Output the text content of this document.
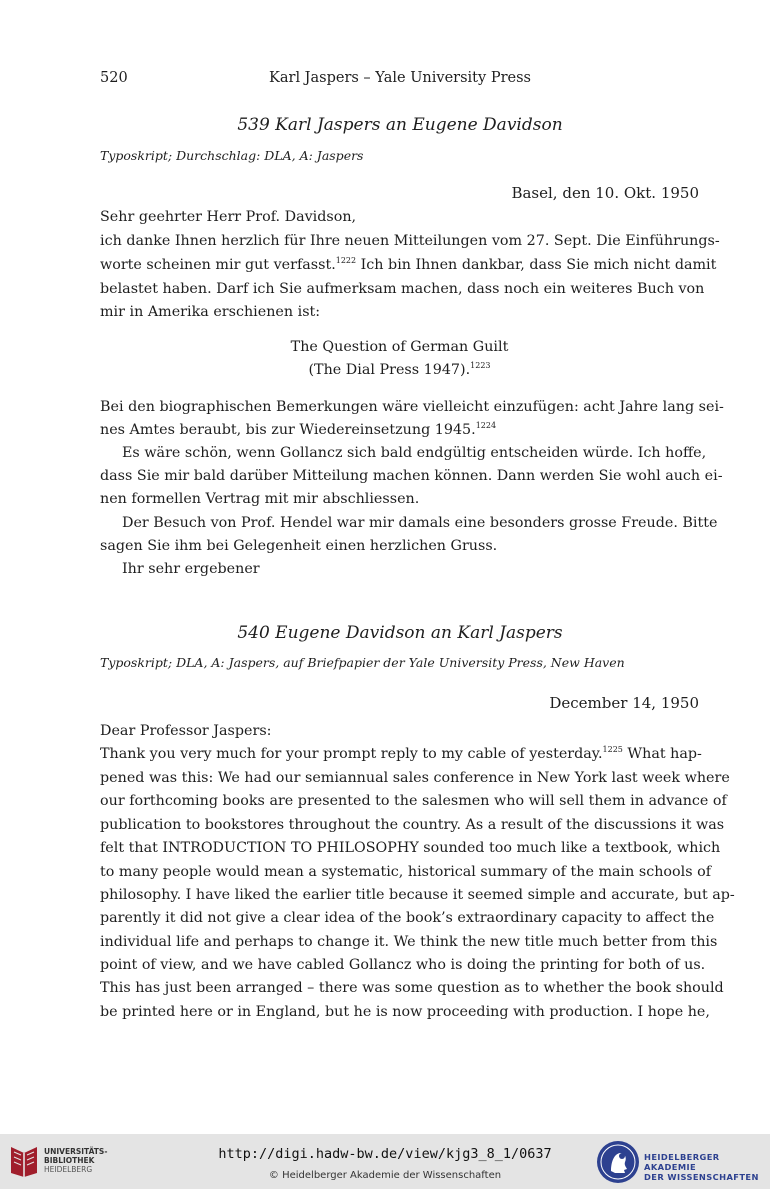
520	Karl Jaspers – Yale University Press
539 Karl Jaspers an Eugene Davidson
Typoskript; Durchschlag: DLA, A: Jaspers
Basel, den 10. Okt. 1950
Sehr geehrter Herr Prof. Davidson,
ich danke Ihnen herzlich für Ihre neuen Mitteilungen vom 27. Sept. Die Einführungs-
worte scheinen mir gut verfasst.$^{1222}$ Ich bin Ihnen dankbar, dass Sie mich nicht damit
belastet haben. Darf ich Sie aufmerksam machen, dass noch ein weiteres Buch von
mir in Amerika erschienen ist:
The Question of German Guilt
(The Dial Press 1947).$^{1223}$
Bei den biographischen Bemerkungen wäre vielleicht einzufügen: acht Jahre lang sei-
nes Amtes beraubt, bis zur Wiedereinsetzung 1945.$^{1224}$
Es wäre schön, wenn Gollancz sich bald endgültig entscheiden würde. Ich hoffe,
dass Sie mir bald darüber Mitteilung machen können. Dann werden Sie wohl auch ei-
nen formellen Vertrag mit mir abschliessen.
Der Besuch von Prof. Hendel war mir damals eine besonders grosse Freude. Bitte
sagen Sie ihm bei Gelegenheit einen herzlichen Gruss.
Ihr sehr ergebener
540 Eugene Davidson an Karl Jaspers
Typoskript; DLA, A: Jaspers, auf Briefpapier der Yale University Press, New Haven
December 14, 1950
Dear Professor Jaspers:
Thank you very much for your prompt reply to my cable of yesterday.$^{1225}$ What hap-
pened was this: We had our semiannual sales conference in New York last week where
our forthcoming books are presented to the salesmen who will sell them in advance of
publication to bookstores throughout the country. As a result of the discussions it was
felt that INTRODUCTION TO PHILOSOPHY sounded too much like a textbook, which
to many people would mean a systematic, historical summary of the main schools of
philosophy. I have liked the earlier title because it seemed simple and accurate, but ap-
parently it did not give a clear idea of the book’s extraordinary capacity to affect the
individual life and perhaps to change it. We think the new title much better from this
point of view, and we have cabled Gollancz who is doing the printing for both of us.
This has just been arranged – there was some question as to whether the book should
be printed here or in England, but he is now proceeding with production. I hope he,
UNIVERSITÄTS-
BIBLIOTHEK
HEIDELBERG
http://digi.hadw-bw.de/view/kjg3_8_1/0637
© Heidelberger Akademie der Wissenschaften
HEIDELBERGER AKADEMIE
DER WISSENSCHAFTEN
